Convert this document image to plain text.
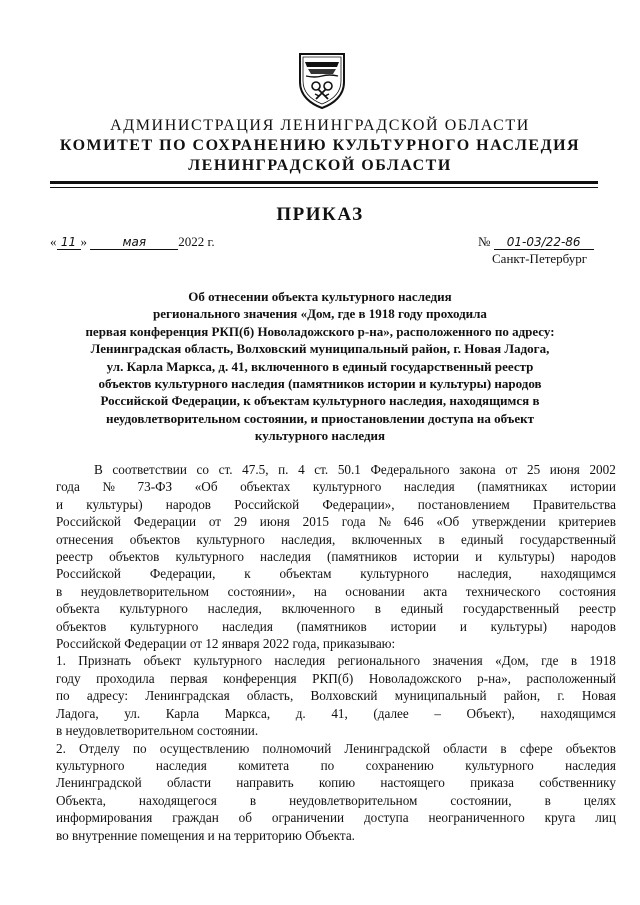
АДМИНИСТРАЦИЯ ЛЕНИНГРАДСКОЙ ОБЛАСТИ
КОМИТЕТ ПО СОХРАНЕНИЮ КУЛЬТУРНОГО НАСЛЕДИЯ
ЛЕНИНГРАДСКОЙ ОБЛАСТИ
ПРИКАЗ
« 11 »	мая 2022 г.	№ 01-03/22-86
Санкт-Петербург
Об отнесении объекта культурного наследия
регионального значения «Дом, где в 1918 году проходила
первая конференция РКП(б) Новоладожского р-на», расположенного по адресу:
Ленинградская область, Волховский муниципальный район, г. Новая Ладога,
ул. Карла Маркса, д. 41, включенного в единый государственный реестр
объектов культурного наследия (памятников истории и культуры) народов
Российской Федерации, к объектам культурного наследия, находящимся в
неудовлетворительном состоянии, и приостановлении доступа на объект
культурного наследия
В соответствии со ст. 47.5, п. 4 ст. 50.1 Федерального закона от 25 июня 2002
года № 73-ФЗ «Об объектах культурного наследия (памятниках истории
и культуры) народов Российской Федерации», постановлением Правительства
Российской Федерации от 29 июня 2015 года № 646 «Об утверждении критериев
отнесения объектов культурного наследия, включенных в единый государственный
реестр объектов культурного наследия (памятников истории и культуры) народов
Российской Федерации, к объектам культурного наследия, находящимся
в неудовлетворительном состоянии», на основании акта технического состояния
объекта культурного наследия, включенного в единый государственный реестр
объектов культурного наследия (памятников истории и культуры) народов
Российской Федерации от 12 января 2022 года, приказываю:
1. Признать объект культурного наследия регионального значения «Дом, где в 1918
году проходила первая конференция РКП(б) Новоладожского р-на», расположенный
по адресу: Ленинградская область, Волховский муниципальный район, г. Новая
Ладога, ул. Карла Маркса, д. 41, (далее – Объект), находящимся
в неудовлетворительном состоянии.
2. Отделу по осуществлению полномочий Ленинградской области в сфере объектов
культурного наследия комитета по сохранению культурного наследия
Ленинградской области направить копию настоящего приказа собственнику
Объекта,	находящегося	в	неудовлетворительном	состоянии,	в	целях
информирования граждан об ограничении доступа неограниченного круга лиц
во внутренние помещения и на территорию Объекта.
